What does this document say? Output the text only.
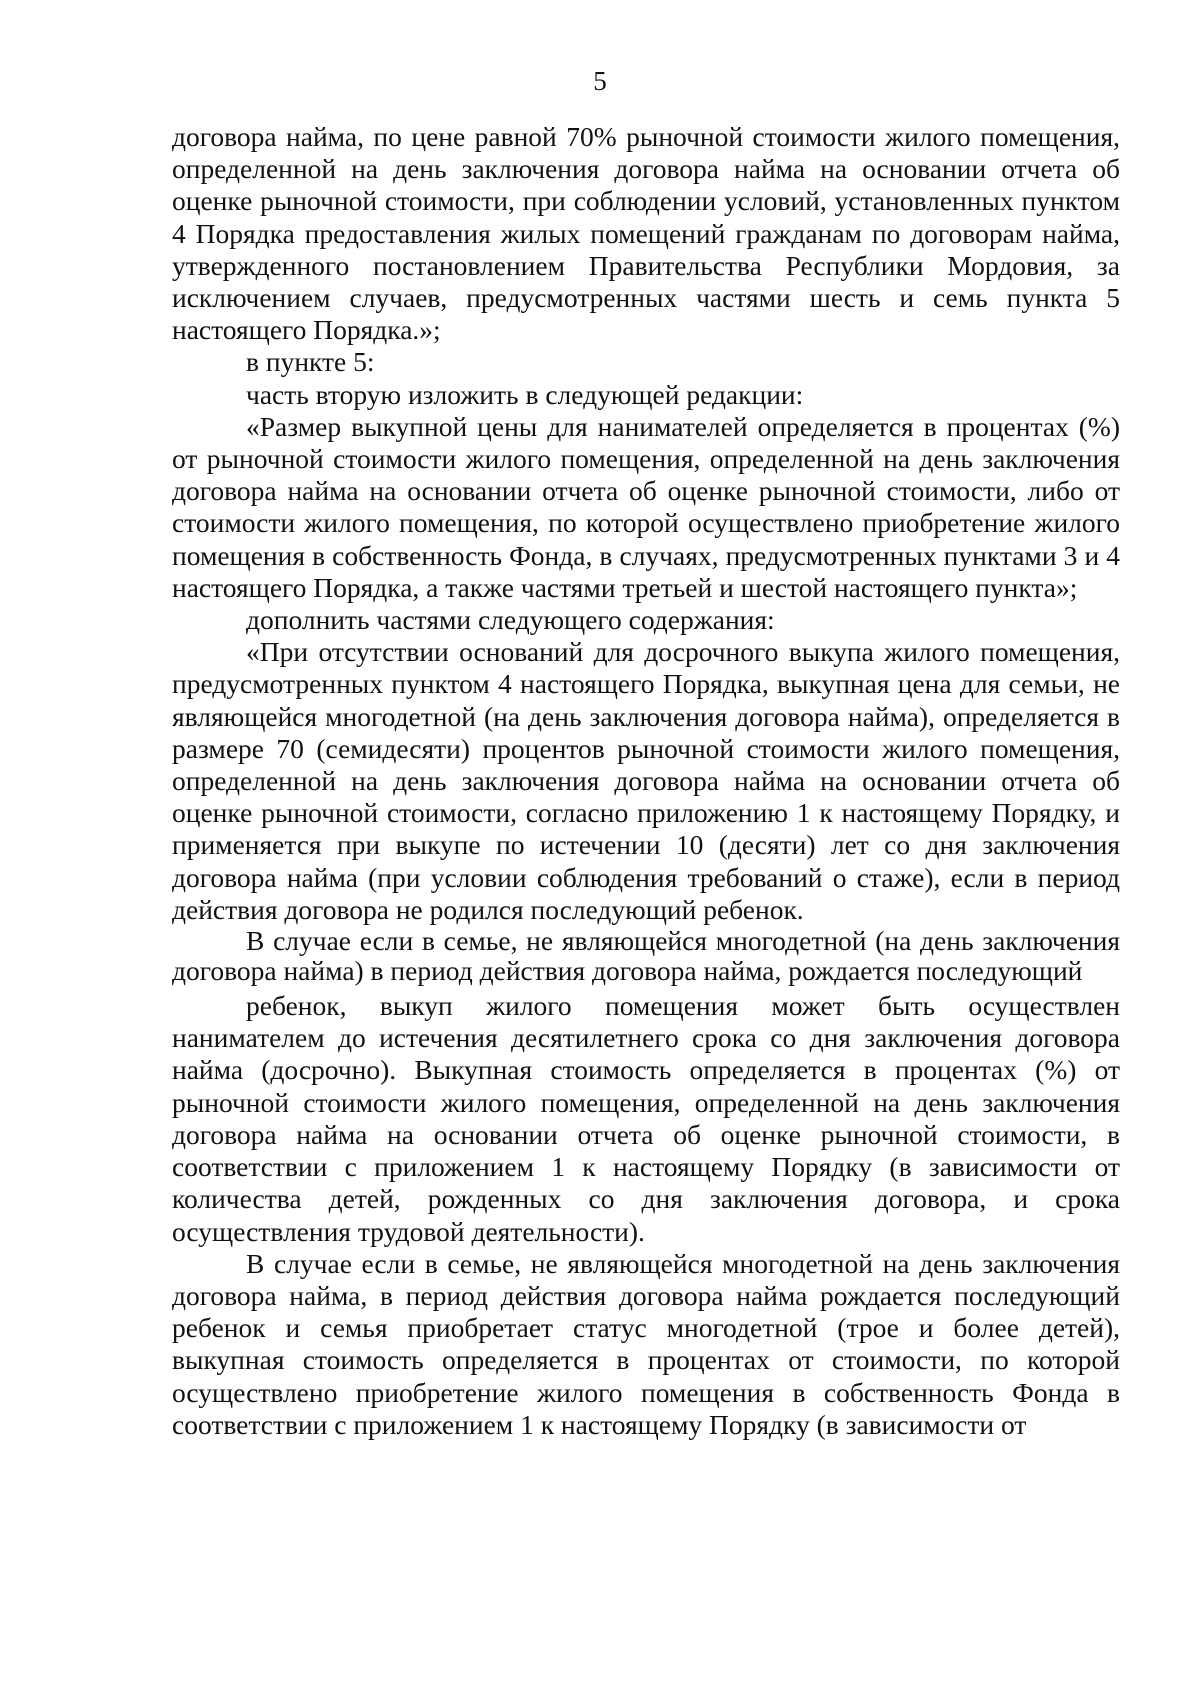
5

договора найма, по цене равной 70% рыночной стоимости жилого помещения, определенной на день заключения договора найма на основании отчета об оценке рыночной стоимости, при соблюдении условий, установленных пунктом 4 Порядка предоставления жилых помещений гражданам по договорам найма, утвержденного постановлением Правительства Республики Мордовия, за исключением случаев, предусмотренных частями шесть и семь пункта 5 настоящего Порядка.»;

в пункте 5:

часть вторую изложить в следующей редакции:

«Размер выкупной цены для нанимателей определяется в процентах (%) от рыночной стоимости жилого помещения, определенной на день заключения договора найма на основании отчета об оценке рыночной стоимости, либо от стоимости жилого помещения, по которой осуществлено приобретение жилого помещения в собственность Фонда, в случаях, предусмотренных пунктами 3 и 4 настоящего Порядка, а также частями третьей и шестой настоящего пункта»;

дополнить частями следующего содержания:

«При отсутствии оснований для досрочного выкупа жилого помещения, предусмотренных пунктом 4 настоящего Порядка, выкупная цена для семьи, не являющейся многодетной (на день заключения договора найма), определяется в размере 70 (семидесяти) процентов рыночной стоимости жилого помещения, определенной на день заключения договора найма на основании отчета об оценке рыночной стоимости, согласно приложению 1 к настоящему Порядку, и применяется при выкупе по истечении 10 (десяти) лет со дня заключения договора найма (при условии соблюдения требований о стаже), если в период действия договора не родился последующий ребенок.

В случае если в семье, не являющейся многодетной (на день заключения договора найма) в период действия договора найма, рождается последующий

ребенок, выкуп жилого помещения может быть осуществлен нанимателем до истечения десятилетнего срока со дня заключения договора найма (досрочно). Выкупная стоимость определяется в процентах (%) от рыночной стоимости жилого помещения, определенной на день заключения договора найма на основании отчета об оценке рыночной стоимости, в соответствии с приложением 1 к настоящему Порядку (в зависимости от количества детей, рожденных со дня заключения договора, и срока осуществления трудовой деятельности).

В случае если в семье, не являющейся многодетной на день заключения договора найма, в период действия договора найма рождается последующий ребенок и семья приобретает статус многодетной (трое и более детей), выкупная стоимость определяется в процентах от стоимости, по которой осуществлено приобретение жилого помещения в собственность Фонда в соответствии с приложением 1 к настоящему Порядку (в зависимости от
